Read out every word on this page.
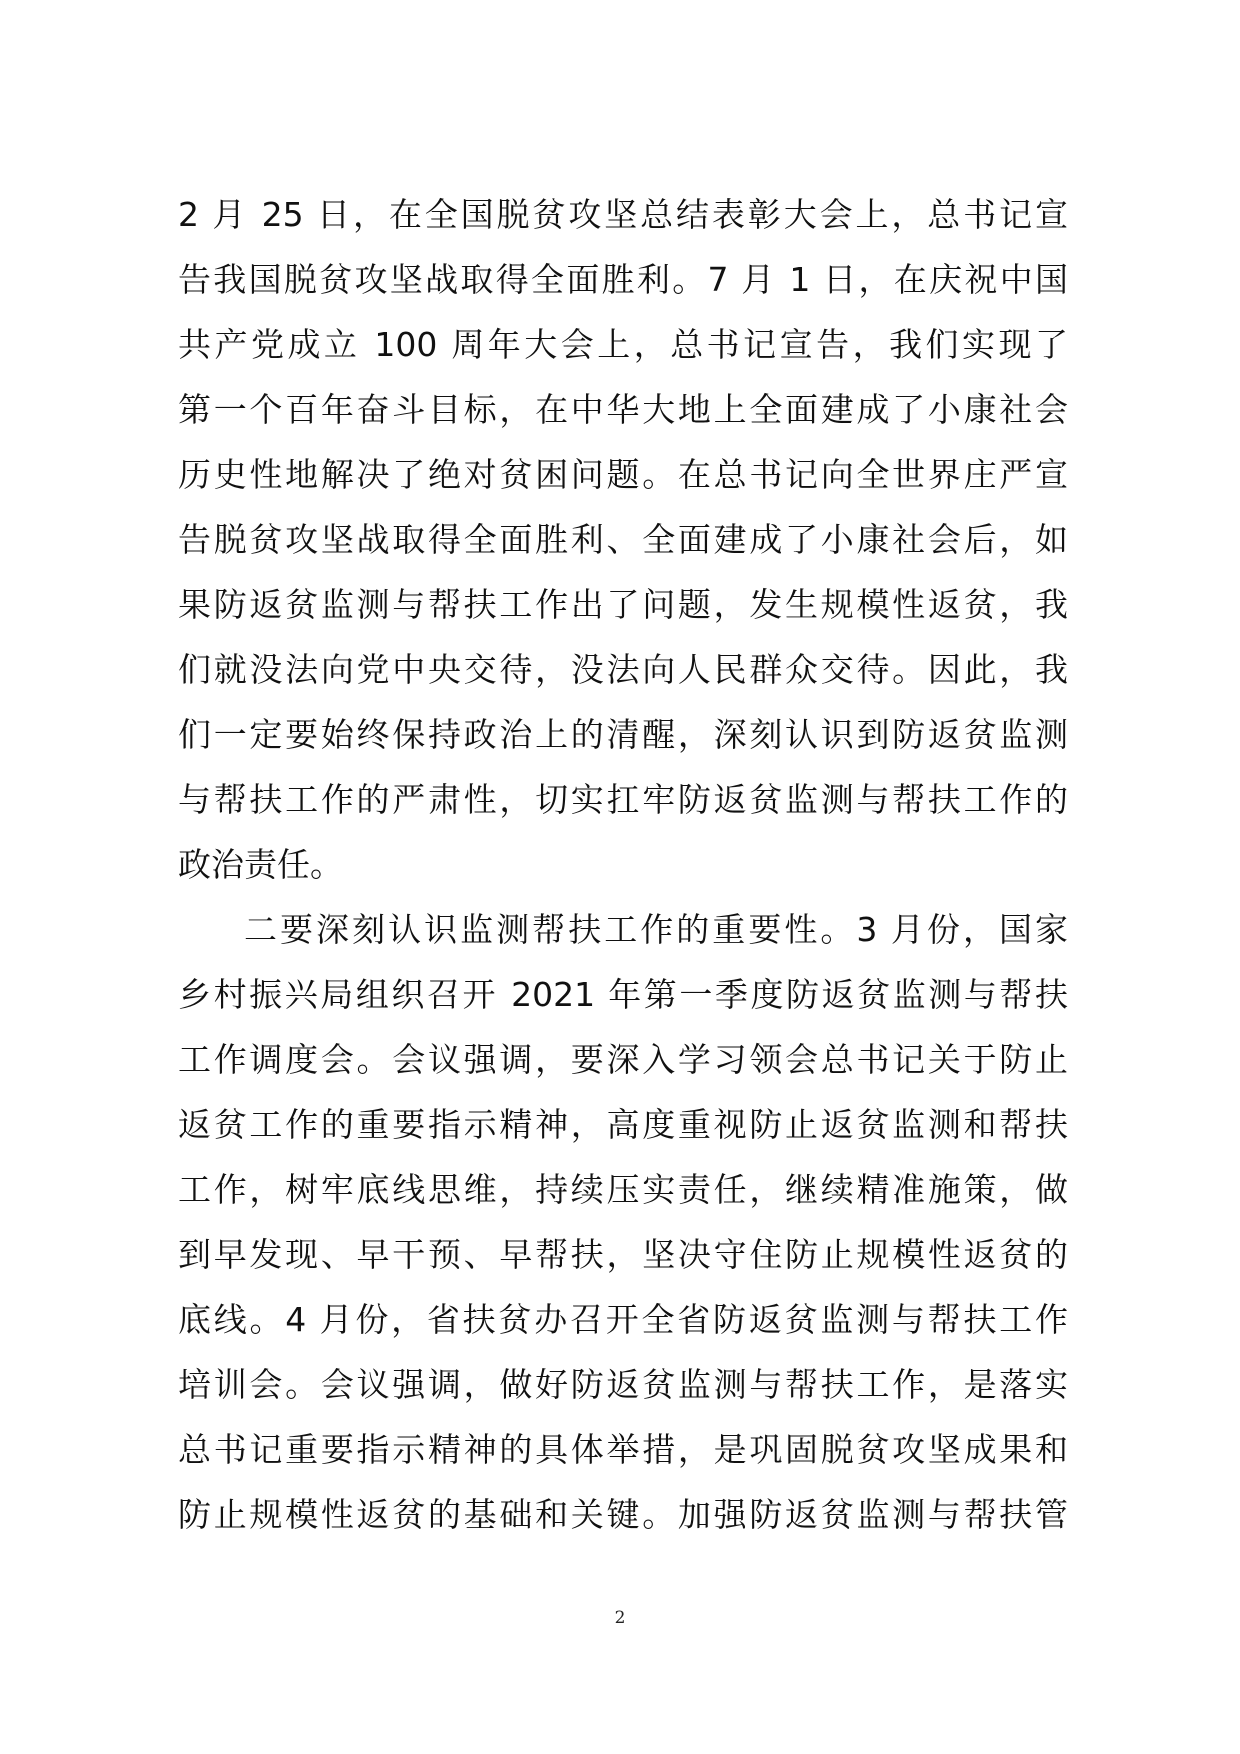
2 月 25 日，在全国脱贫攻坚总结表彰大会上，总书记宣
告我国脱贫攻坚战取得全面胜利。7 月 1 日，在庆祝中国
共产党成立 100 周年大会上，总书记宣告，我们实现了
第一个百年奋斗目标，在中华大地上全面建成了小康社会
历史性地解决了绝对贫困问题。在总书记向全世界庄严宣
告脱贫攻坚战取得全面胜利、全面建成了小康社会后，如
果防返贫监测与帮扶工作出了问题，发生规模性返贫，我
们就没法向党中央交待，没法向人民群众交待。因此，我
们一定要始终保持政治上的清醒，深刻认识到防返贫监测
与帮扶工作的严肃性，切实扛牢防返贫监测与帮扶工作的
政治责任。
二要深刻认识监测帮扶工作的重要性。3 月份，国家
乡村振兴局组织召开 2021 年第一季度防返贫监测与帮扶
工作调度会。会议强调，要深入学习领会总书记关于防止
返贫工作的重要指示精神，高度重视防止返贫监测和帮扶
工作，树牢底线思维，持续压实责任，继续精准施策，做
到早发现、早干预、早帮扶，坚决守住防止规模性返贫的
底线。4 月份，省扶贫办召开全省防返贫监测与帮扶工作
培训会。会议强调，做好防返贫监测与帮扶工作，是落实
总书记重要指示精神的具体举措，是巩固脱贫攻坚成果和
防止规模性返贫的基础和关键。加强防返贫监测与帮扶管
2
